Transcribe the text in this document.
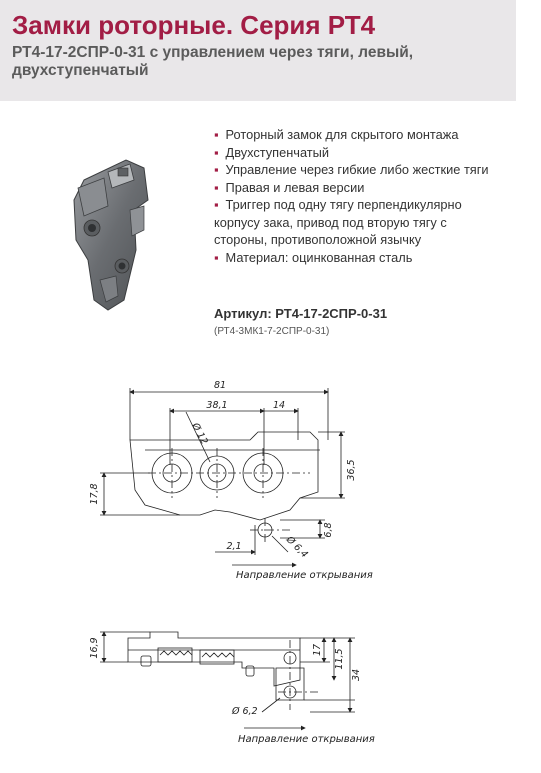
Замки роторные. Серия РТ4
РТ4-17-2СПР-0-31 с управлением через тяги, левый, двухступенчатый
▪ Роторный замок для скрытого монтажа
▪ Двухступенчатый
▪ Управление через гибкие либо жесткие тяги
▪ Правая и левая версии
▪ Триггер под одну тягу перпендикулярно корпусу зака, привод под вторую тягу с стороны, противоположной язычку
▪ Материал: оцинкованная сталь
Артикул: РТ4-17-2СПР-0-31
(РТ4-3МК1-7-2СПР-0-31)
81
38,1	14
Ø 12
36,5
17,8
6,8
2,1	Ø 6,4
Направление открывания
16,9	17 11,5
34
Ø 6,2
Направление открывания
